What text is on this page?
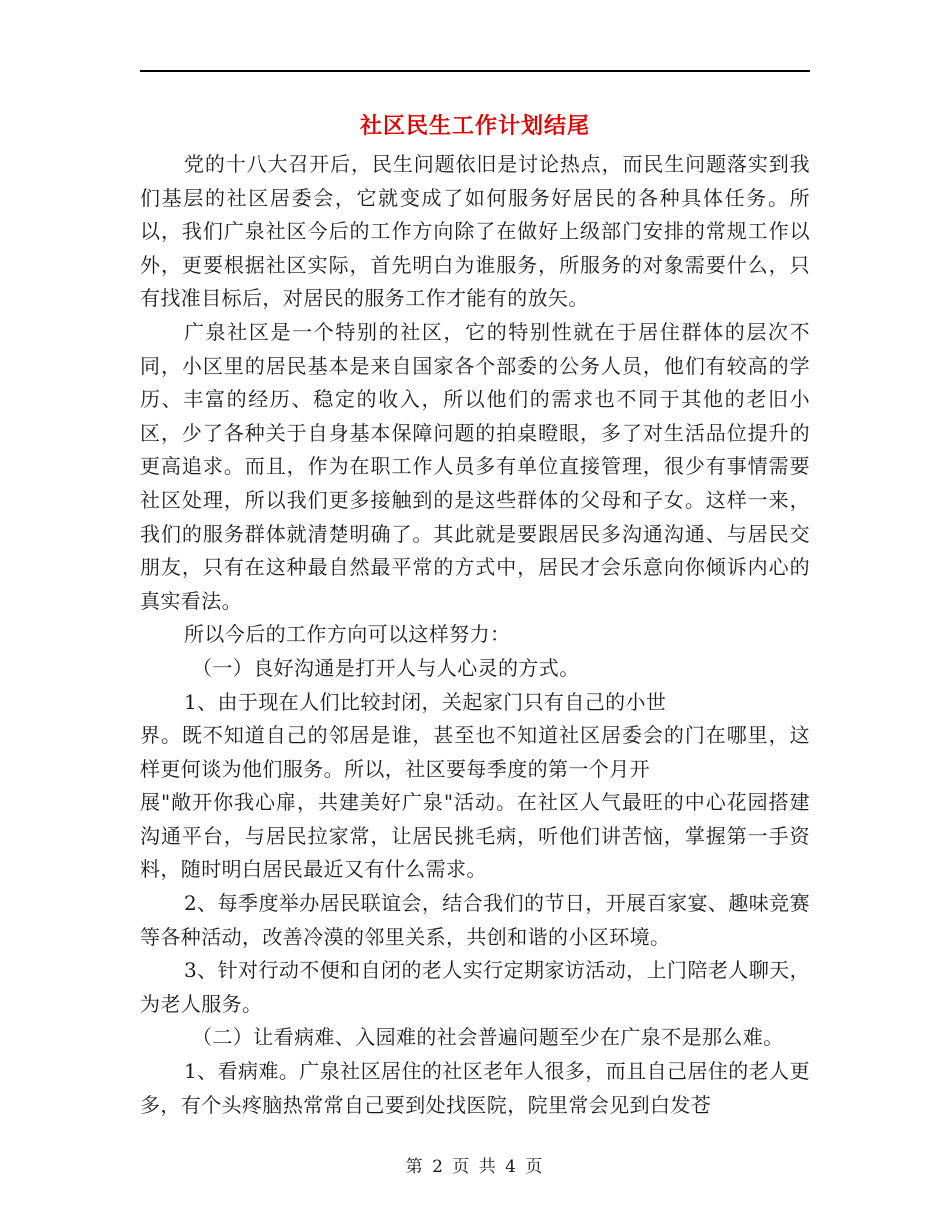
社区民生工作计划结尾

党的十八大召开后，民生问题依旧是讨论热点，而民生问题落实到我们基层的社区居委会，它就变成了如何服务好居民的各种具体任务。所以，我们广泉社区今后的工作方向除了在做好上级部门安排的常规工作以外，更要根据社区实际，首先明白为谁服务，所服务的对象需要什么，只有找准目标后，对居民的服务工作才能有的放矢。

广泉社区是一个特别的社区，它的特别性就在于居住群体的层次不同，小区里的居民基本是来自国家各个部委的公务人员，他们有较高的学历、丰富的经历、稳定的收入，所以他们的需求也不同于其他的老旧小区，少了各种关于自身基本保障问题的拍桌瞪眼，多了对生活品位提升的更高追求。而且，作为在职工作人员多有单位直接管理，很少有事情需要社区处理，所以我们更多接触到的是这些群体的父母和子女。这样一来，我们的服务群体就清楚明确了。其此就是要跟居民多沟通沟通、与居民交朋友，只有在这种最自然最平常的方式中，居民才会乐意向你倾诉内心的真实看法。

所以今后的工作方向可以这样努力：

（一）良好沟通是打开人与人心灵的方式。

1、由于现在人们比较封闭，关起家门只有自己的小世

界。既不知道自己的邻居是谁，甚至也不知道社区居委会的门在哪里，这样更何谈为他们服务。所以，社区要每季度的第一个月开

展"敞开你我心扉，共建美好广泉"活动。在社区人气最旺的中心花园搭建沟通平台，与居民拉家常，让居民挑毛病，听他们讲苦恼，掌握第一手资料，随时明白居民最近又有什么需求。

2、每季度举办居民联谊会，结合我们的节日，开展百家宴、趣味竞赛等各种活动，改善冷漠的邻里关系，共创和谐的小区环境。

3、针对行动不便和自闭的老人实行定期家访活动，上门陪老人聊天，为老人服务。

（二）让看病难、入园难的社会普遍问题至少在广泉不是那么难。

1、看病难。广泉社区居住的社区老年人很多，而且自己居住的老人更多，有个头疼脑热常常自己要到处找医院，院里常会见到白发苍

第 2 页 共 4 页
